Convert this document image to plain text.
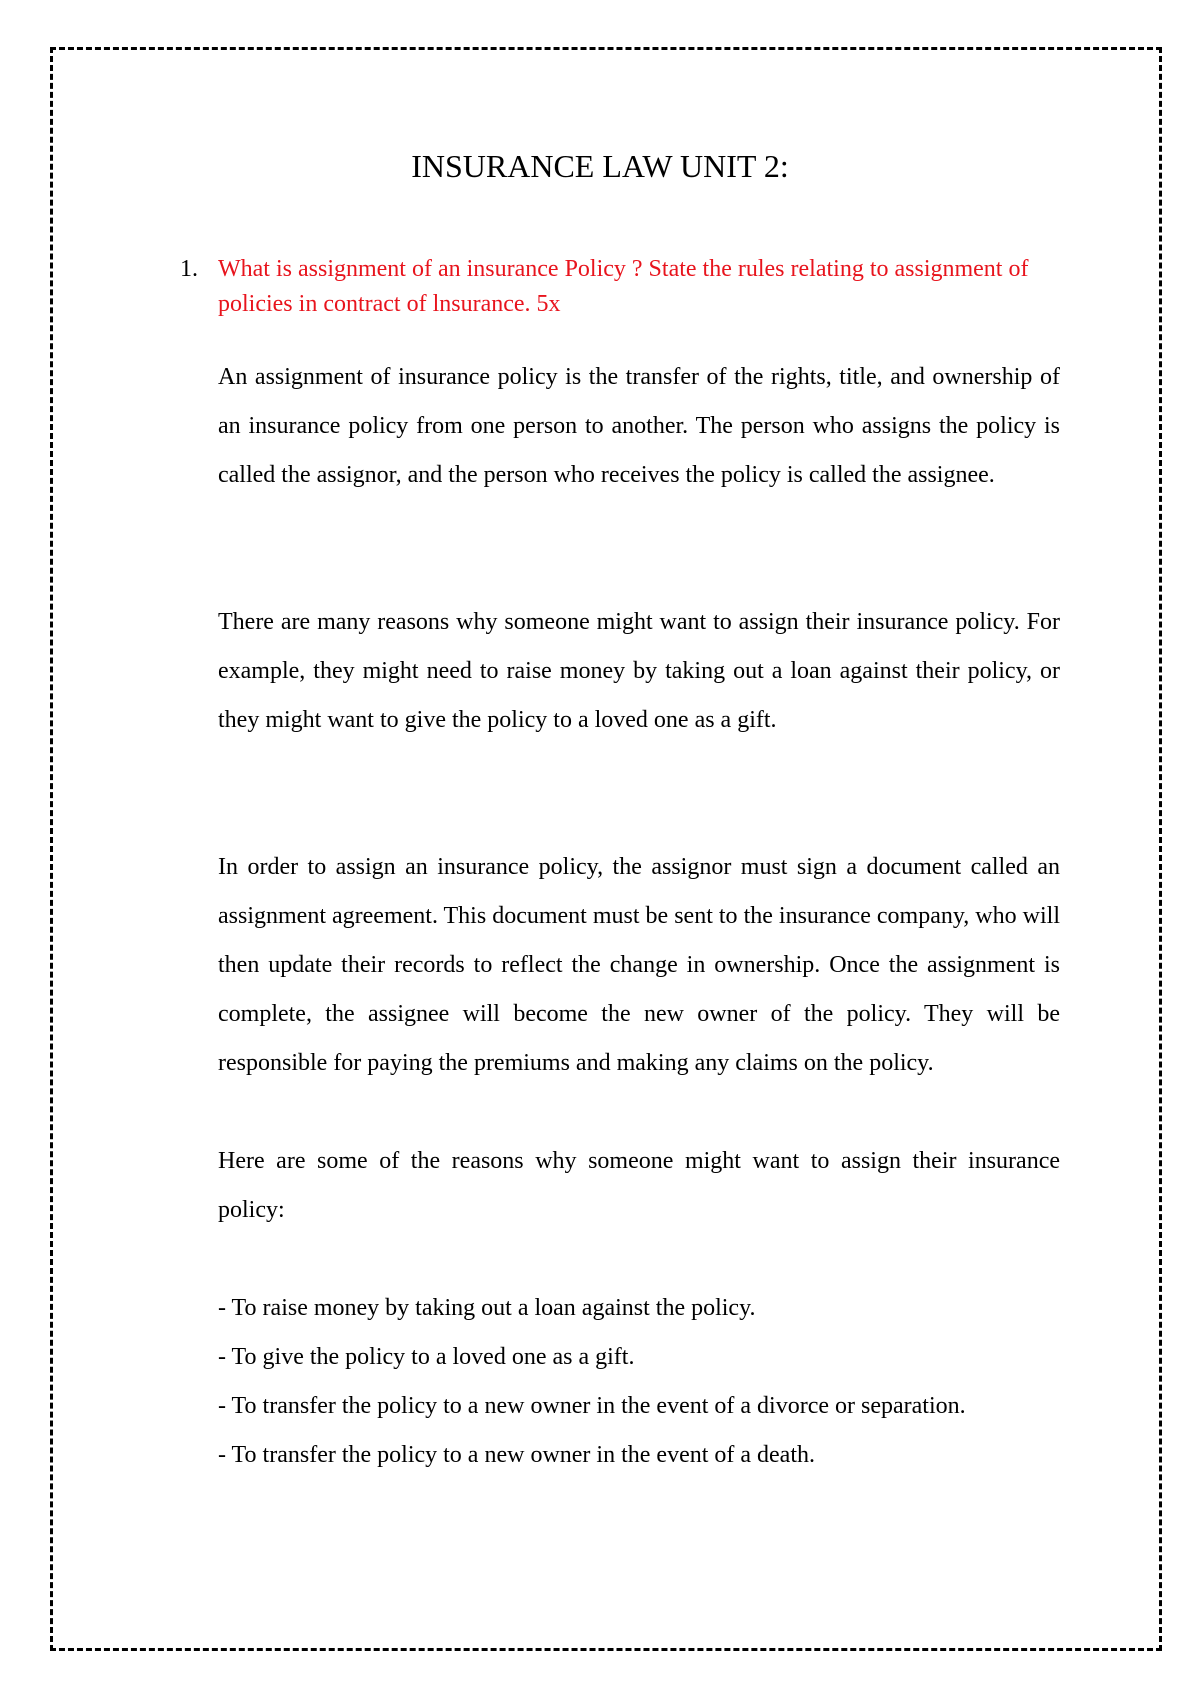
INSURANCE LAW UNIT 2:
1. What is assignment of an insurance Policy ? State the rules relating to assignment of policies in contract of lnsurance. 5x

An assignment of insurance policy is the transfer of the rights, title, and ownership of an insurance policy from one person to another. The person who assigns the policy is called the assignor, and the person who receives the policy is called the assignee.

There are many reasons why someone might want to assign their insurance policy. For example, they might need to raise money by taking out a loan against their policy, or they might want to give the policy to a loved one as a gift.

In order to assign an insurance policy, the assignor must sign a document called an assignment agreement. This document must be sent to the insurance company, who will then update their records to reflect the change in ownership. Once the assignment is complete, the assignee will become the new owner of the policy. They will be responsible for paying the premiums and making any claims on the policy.

Here are some of the reasons why someone might want to assign their insurance policy:

- To raise money by taking out a loan against the policy.

- To give the policy to a loved one as a gift.

- To transfer the policy to a new owner in the event of a divorce or separation.

- To transfer the policy to a new owner in the event of a death.
